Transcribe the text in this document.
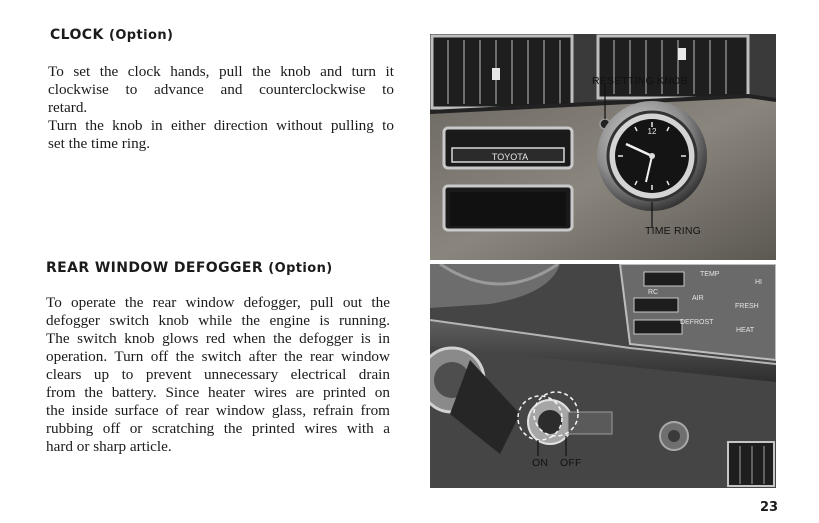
CLOCK (Option)

To set the clock hands, pull the knob and turn it
clockwise to advance and counterclockwise to
retard.
Turn the knob in either direction without pulling to
set the time ring.

REAR WINDOW DEFOGGER (Option)

To operate the rear window defogger, pull out the
defogger switch knob while the engine is running.
The switch knob glows red when the defogger is in
operation. Turn off the switch after the rear window
clears up to prevent unnecessary electrical drain
from the battery. Since heater wires are printed on
the inside surface of rear window glass, refrain from
rubbing off or scratching the printed wires with a
hard or sharp article.

TOYOTA
12
RESETTING KNOB
TIME RING
TEMP
HI
RC
AIR
FRESH
DEFROST
HEAT
ON OFF
23
